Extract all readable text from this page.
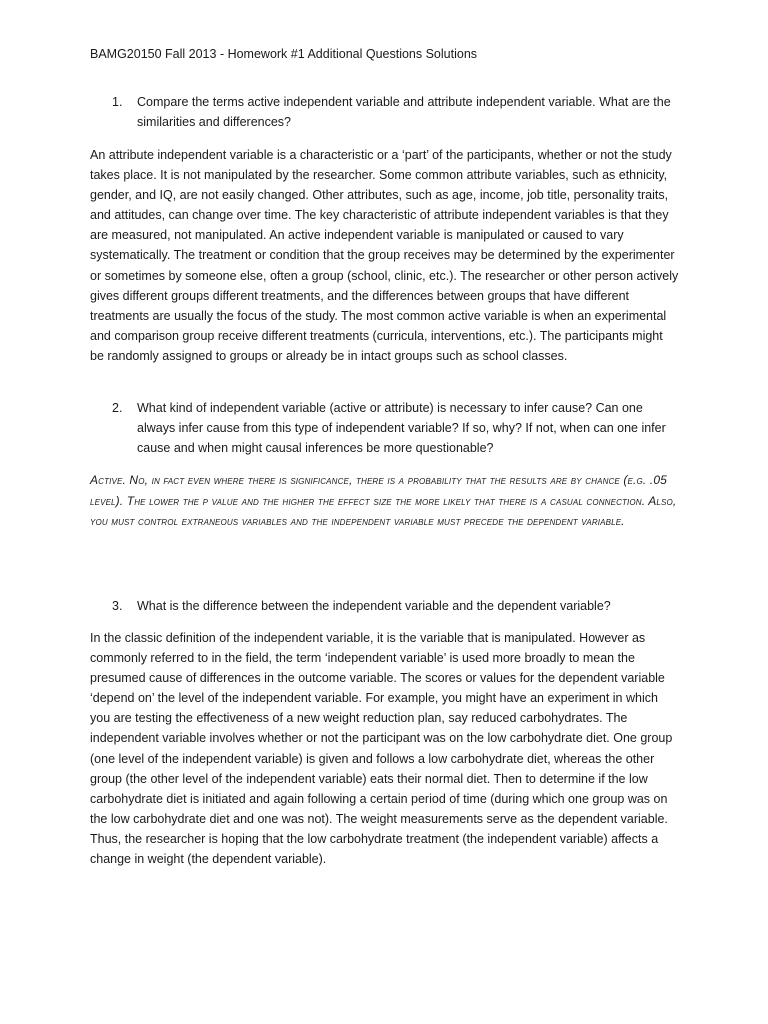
BAMG20150 Fall 2013 - Homework #1 Additional Questions Solutions

1.	Compare the terms active independent variable and attribute independent variable. What are the similarities and differences?

An attribute independent variable is a characteristic or a ‘part’ of the participants, whether or not the study takes place. It is not manipulated by the researcher. Some common attribute variables, such as ethnicity, gender, and IQ, are not easily changed. Other attributes, such as age, income, job title, personality traits, and attitudes, can change over time. The key characteristic of attribute independent variables is that they are measured, not manipulated. An active independent variable is manipulated or caused to vary systematically. The treatment or condition that the group receives may be determined by the experimenter or sometimes by someone else, often a group (school, clinic, etc.). The researcher or other person actively gives different groups different treatments, and the differences between groups that have different treatments are usually the focus of the study. The most common active variable is when an experimental and comparison group receive different treatments (curricula, interventions, etc.). The participants might be randomly assigned to groups or already be in intact groups such as school classes.

2.	What kind of independent variable (active or attribute) is necessary to infer cause? Can one always infer cause from this type of independent variable? If so, why? If not, when can one infer cause and when might causal inferences be more questionable?

Active. No, in fact even where there is significance, there is a probability that the results are by chance (e.g. .05 level). The lower the p value and the higher the effect size the more likely that there is a casual connection. Also, you must control extraneous variables and the independent variable must precede the dependent variable.

3.	What is the difference between the independent variable and the dependent variable?

In the classic definition of the independent variable, it is the variable that is manipulated. However as commonly referred to in the field, the term ‘independent variable’ is used more broadly to mean the presumed cause of differences in the outcome variable. The scores or values for the dependent variable ‘depend on’ the level of the independent variable. For example, you might have an experiment in which you are testing the effectiveness of a new weight reduction plan, say reduced carbohydrates. The independent variable involves whether or not the participant was on the low carbohydrate diet. One group (one level of the independent variable) is given and follows a low carbohydrate diet, whereas the other group (the other level of the independent variable) eats their normal diet. Then to determine if the low carbohydrate diet is initiated and again following a certain period of time (during which one group was on the low carbohydrate diet and one was not). The weight measurements serve as the dependent variable. Thus, the researcher is hoping that the low carbohydrate treatment (the independent variable) affects a change in weight (the dependent variable).
